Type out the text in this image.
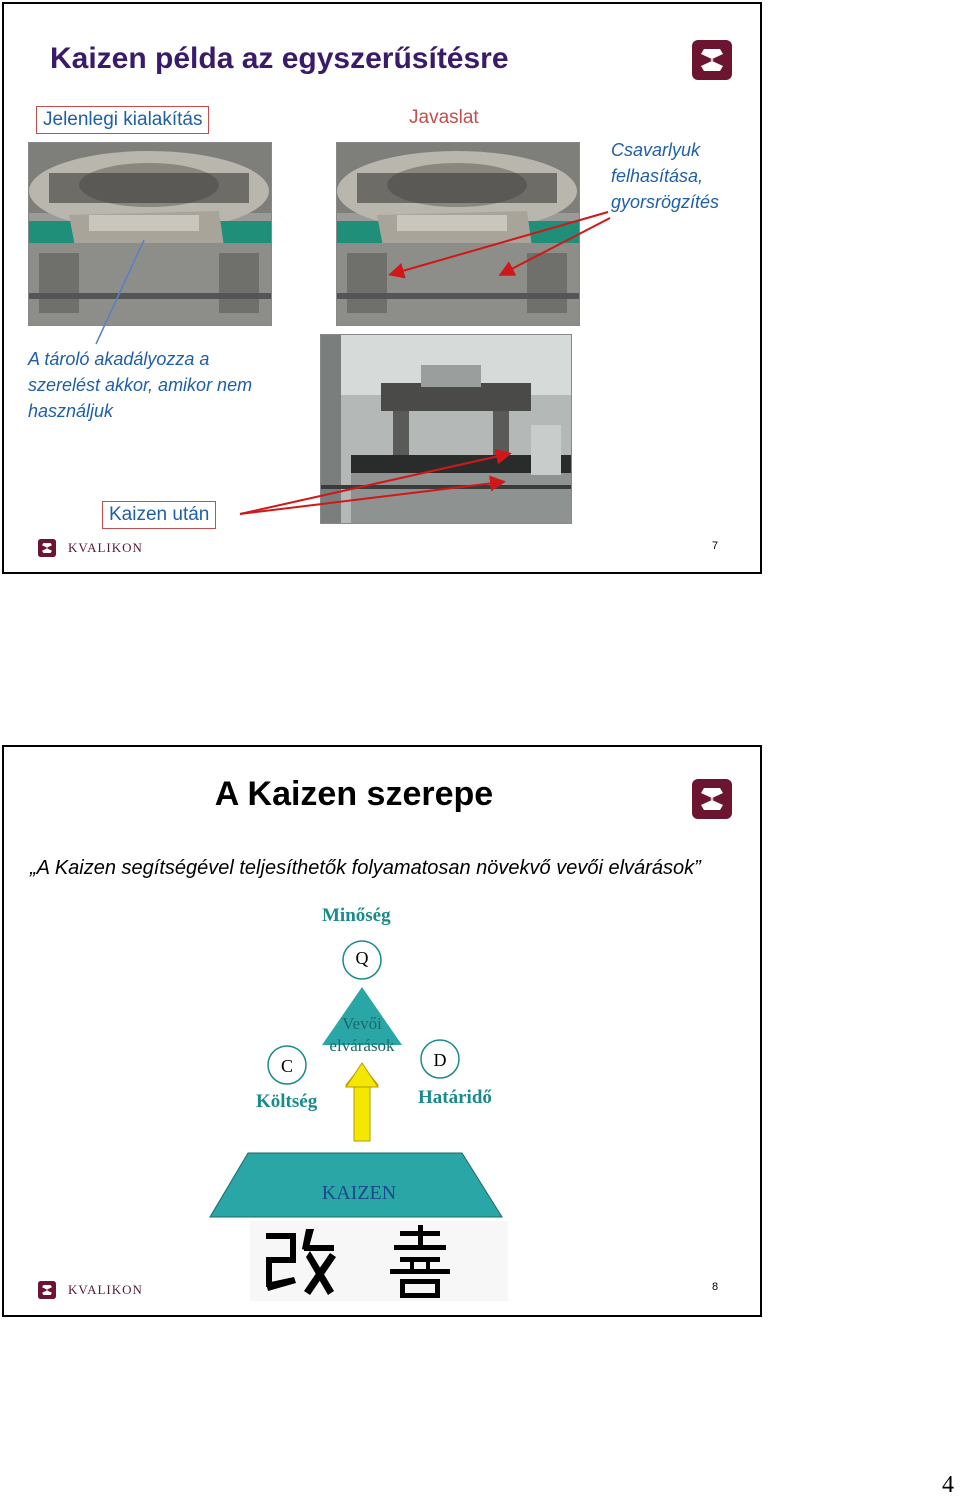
Kaizen példa az egyszerűsítésre
Jelenlegi kialakítás	Javaslat
Csavarlyuk
felhasítása,
gyorsrögzítés
A tároló akadályozza a
szerelést akkor, amikor nem
használjuk
Kaizen után
KVALIKON	7
A Kaizen szerepe
„A Kaizen segítségével teljesíthetők folyamatosan növekvő vevői elvárások”
Minőség
Q
Vevői
elvárások
C	D
Költség	Határidő
KAIZEN
KVALIKON	8
4
